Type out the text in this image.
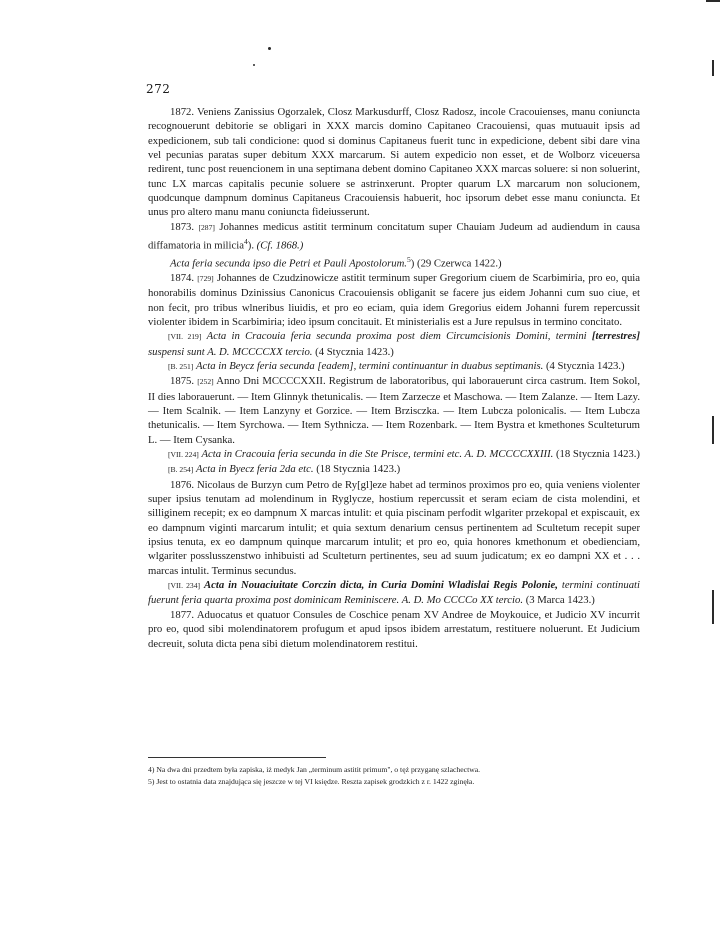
272

1872. Veniens Zanissius Ogorzalek, Closz Markusdurff, Closz Radosz, incole Cracouienses, manu coniuncta recognouerunt debitorie se obligari in XXX marcis domino Capitaneo Cracouiensi, quas mutuauit ipsis ad expedicionem, sub tali condicione: quod si dominus Capitaneus fuerit tunc in expedicione, debent sibi dare vina vel pecunias paratas super debitum XXX marcarum. Si autem expedicio non esset, et de Wolborz viceuersa redirent, tunc post reuencionem in una septimana debent domino Capitaneo XXX marcas soluere: si non soluerint, tunc LX marcas capitalis pecunie soluere se astrinxerunt. Propter quarum LX marcarum non solucionem, quodcunque dampnum dominus Capitaneus Cracouiensis habuerit, hoc ipsorum debet esse manu coniuncta. Et unus pro altero manu manu coniuncta fideiusserunt.

1873. [287] Johannes medicus astitit terminum concitatum super Chauiam Judeum ad audiendum in causa diffamatoria in milicia$^4$). (Cf. 1868.)

Acta feria secunda ipso die Petri et Pauli Apostolorum.$^5$) (29 Czerwca 1422.)

1874. [729] Johannes de Czudzinowicze astitit terminum super Gregorium ciuem de Scarbimiria, pro eo, quia honorabilis dominus Dzinissius Canonicus Cracouiensis obliganit se facere jus eidem Johanni cum suo ciue, et non fecit, pro tribus wlneribus liuidis, et pro eo eciam, quia idem Gregorius eidem Johanni furem repercussit violenter ibidem in Scarbimiria; ideo ipsum concitauit. Et ministerialis est a Jure repulsus in termino concitato.

[VII. 219] Acta in Cracouia feria secunda proxima post diem Circumcisionis Domini, termini [terrestres] suspensi sunt A. D. MCCCCXX tercio. (4 Stycznia 1423.)

[B. 251] Acta in Beycz feria secunda [eadem], termini continuantur in duabus septimanis. (4 Stycznia 1423.)

1875. [252] Anno Dni MCCCCXXII. Registrum de laboratoribus, qui laborauerunt circa castrum. Item Sokol, II dies laborauerunt. — Item Glinnyk thetunicalis. — Item Zarzecze et Maschowa. — Item Zalanze. — Item Lazy. — Item Scalnik. — Item Lanzyny et Gorzice. — Item Brzisczka. — Item Lubcza polonicalis. — Item Lubcza thetunicalis. — Item Syrchowa. — Item Sythnicza. — Item Rozenbark. — Item Bystra et kmethones Sculteturum L. — Item Cysanka.

[VII. 224] Acta in Cracouia feria secunda in die Ste Prisce, termini etc. A. D. MCCCCXXIII. (18 Stycznia 1423.)

[B. 254] Acta in Byecz feria 2da etc. (18 Stycznia 1423.)

1876. Nicolaus de Burzyn cum Petro de Ry[gl]eze habet ad terminos proximos pro eo, quia veniens violenter super ipsius tenutam ad molendinum in Ryglycze, hostium repercussit et seram eciam de cista molendini, et silliginem recepit; ex eo dampnum X marcas intulit: et quia piscinam perfodit wlgariter przekopal et expiscauit, ex eo dampnum viginti marcarum intulit; et quia sextum denarium census pertinentem ad Scultetum recepit super ipsius tenuta, ex eo dampnum quinque marcarum intulit; et pro eo, quia honores kmethonum et obedienciam, wlgariter posslusszenstwo inhibuisti ad Sculteturn pertinentes, seu ad suum judicatum; ex eo dampni XX et . . . marcas intulit. Terminus secundus.

[VII. 234] Acta in Nouaciuitate Corczin dicta, in Curia Domini Wladislai Regis Polonie, termini continuati fuerunt feria quarta proxima post dominicam Reminiscere. A. D. Mo CCCCo XX tercio. (3 Marca 1423.)

1877. Aduocatus et quatuor Consules de Coschice penam XV Andree de Moykouice, et Judicio XV incurrit pro eo, quod sibi molendinatorem profugum et apud ipsos ibidem arrestatum, restituere noluerunt. Et Judicium decreuit, soluta dicta pena sibi dietum molendinatorem restitui.

4) Na dwa dni przedtem była zapiska, iż medyk Jan „terminum astitit primum", o tęż przyganę szlachectwa.
5) Jest to ostatnia data znajdująca się jeszcze w tej VI księdze. Reszta zapisek grodzkich z r. 1422 zginęła.
